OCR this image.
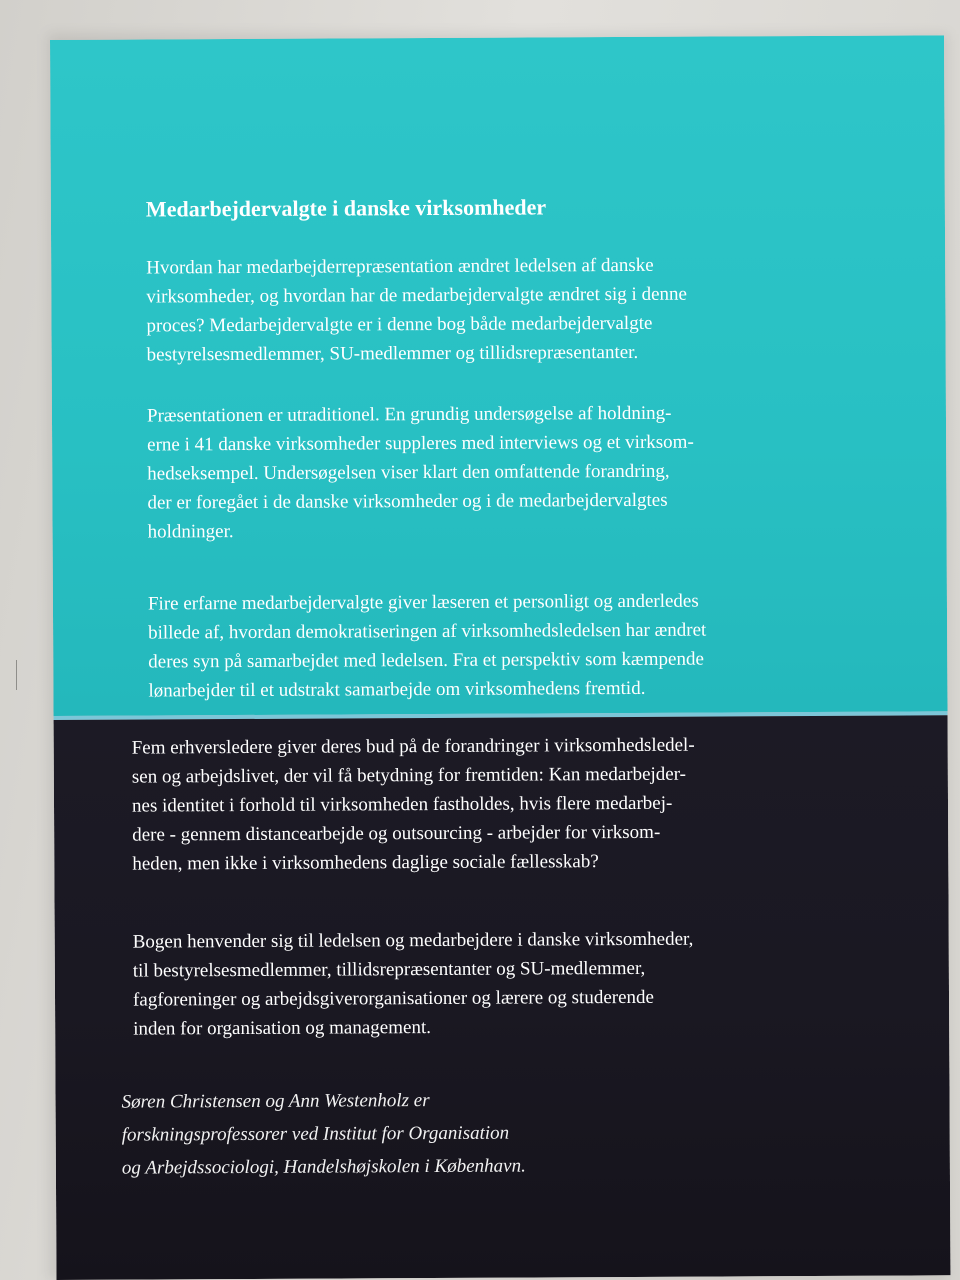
Medarbejdervalgte i danske virksomheder

Hvordan har medarbejderrepræsentation ændret ledelsen af danske
virksomheder, og hvordan har de medarbejdervalgte ændret sig i denne
proces? Medarbejdervalgte er i denne bog både medarbejdervalgte
bestyrelsesmedlemmer, SU-medlemmer og tillidsrepræsentanter.

Præsentationen er utraditionel. En grundig undersøgelse af holdning-
erne i 41 danske virksomheder suppleres med interviews og et virksom-
hedseksempel. Undersøgelsen viser klart den omfattende forandring,
der er foregået i de danske virksomheder og i de medarbejdervalgtes
holdninger.

Fire erfarne medarbejdervalgte giver læseren et personligt og anderledes
billede af, hvordan demokratiseringen af virksomhedsledelsen har ændret
deres syn på samarbejdet med ledelsen. Fra et perspektiv som kæmpende
lønarbejder til et udstrakt samarbejde om virksomhedens fremtid.

Fem erhversledere giver deres bud på de forandringer i virksomhedsledel-
sen og arbejdslivet, der vil få betydning for fremtiden: Kan medarbejder-
nes identitet i forhold til virksomheden fastholdes, hvis flere medarbej-
dere - gennem distancearbejde og outsourcing - arbejder for virksom-
heden, men ikke i virksomhedens daglige sociale fællesskab?

Bogen henvender sig til ledelsen og medarbejdere i danske virksomheder,
til bestyrelsesmedlemmer, tillidsrepræsentanter og SU-medlemmer,
fagforeninger og arbejdsgiverorganisationer og lærere og studerende
inden for organisation og management.

Søren Christensen og Ann Westenholz er
forskningsprofessorer ved Institut for Organisation
og Arbejdssociologi, Handelshøjskolen i København.
